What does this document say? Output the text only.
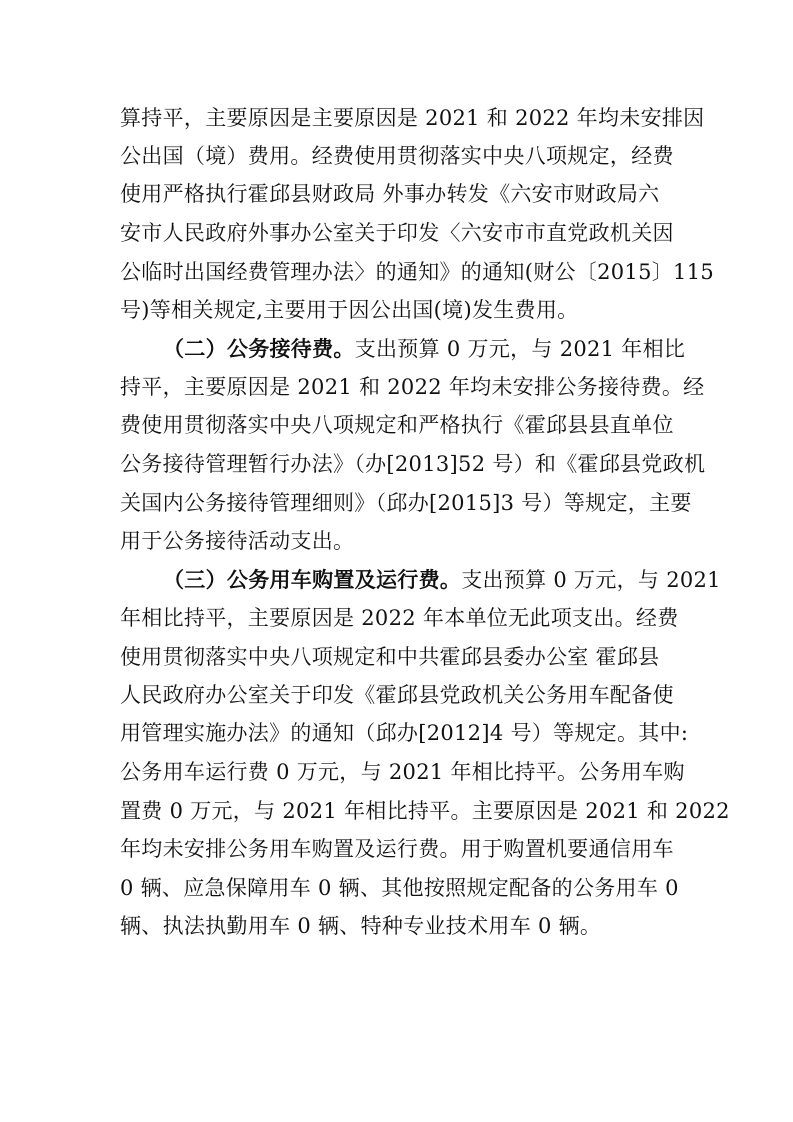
算持平，主要原因是主要原因是 2021 和 2022 年均未安排因
公出国（境）费用。经费使用贯彻落实中央八项规定，经费
使用严格执行霍邱县财政局 外事办转发《六安市财政局六
安市人民政府外事办公室关于印发〈六安市市直党政机关因
公临时出国经费管理办法〉的通知》的通知(财公〔2015〕115
号)等相关规定,主要用于因公出国(境)发生费用。
（二）公务接待费。支出预算 0 万元，与 2021 年相比
持平，主要原因是 2021 和 2022 年均未安排公务接待费。经
费使用贯彻落实中央八项规定和严格执行《霍邱县县直单位
公务接待管理暂行办法》（办[2013]52 号）和《霍邱县党政机
关国内公务接待管理细则》（邱办[2015]3 号）等规定，主要
用于公务接待活动支出。
（三）公务用车购置及运行费。支出预算 0 万元，与 2021
年相比持平，主要原因是 2022 年本单位无此项支出。经费
使用贯彻落实中央八项规定和中共霍邱县委办公室 霍邱县
人民政府办公室关于印发《霍邱县党政机关公务用车配备使
用管理实施办法》的通知（邱办[2012]4 号）等规定。其中:
公务用车运行费 0 万元，与 2021 年相比持平。公务用车购
置费 0 万元，与 2021 年相比持平。主要原因是 2021 和 2022
年均未安排公务用车购置及运行费。用于购置机要通信用车
0 辆、应急保障用车 0 辆、其他按照规定配备的公务用车 0
辆、执法执勤用车 0 辆、特种专业技术用车 0 辆。
